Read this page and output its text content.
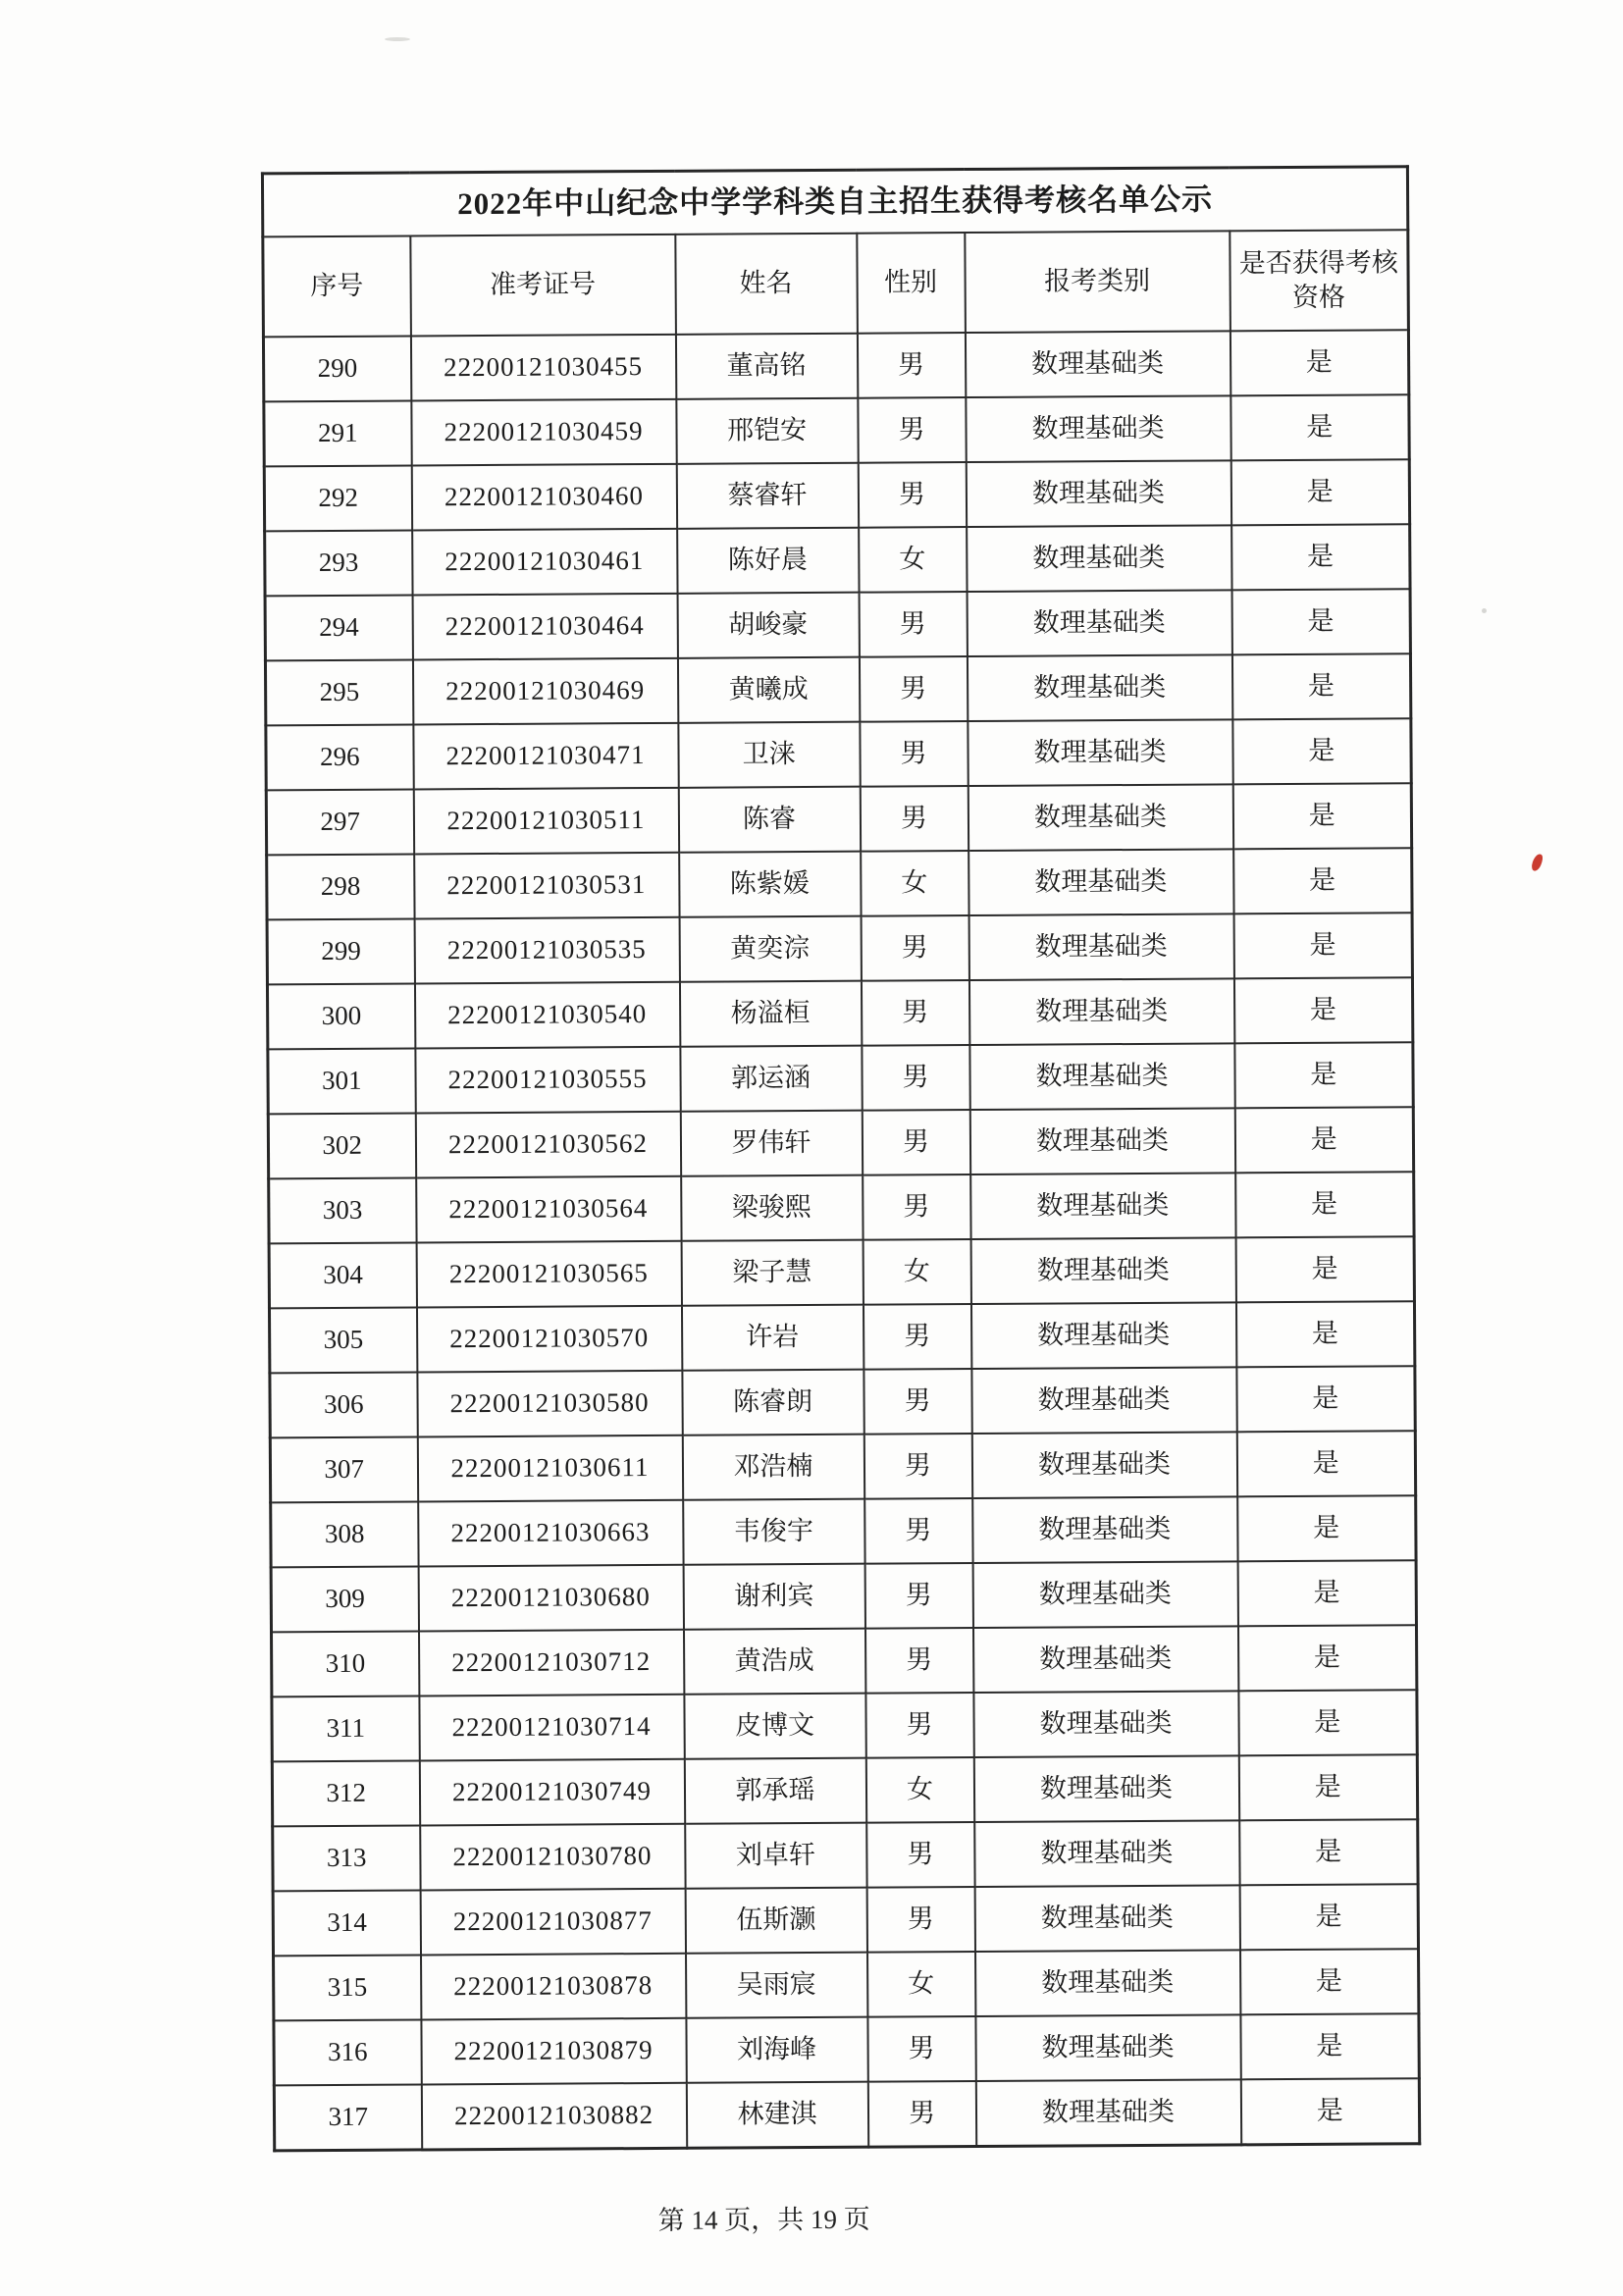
2022年中山纪念中学学科类自主招生获得考核名单公示					
序号	准考证号	姓名	性别	报考类别	是否获得考核资格
290	22200121030455	董高铭	男	数理基础类	是
291	22200121030459	邢铠安	男	数理基础类	是
292	22200121030460	蔡睿轩	男	数理基础类	是
293	22200121030461	陈好晨	女	数理基础类	是
294	22200121030464	胡峻豪	男	数理基础类	是
295	22200121030469	黄曦成	男	数理基础类	是
296	22200121030471	卫涞	男	数理基础类	是
297	22200121030511	陈睿	男	数理基础类	是
298	22200121030531	陈紫媛	女	数理基础类	是
299	22200121030535	黄奕淙	男	数理基础类	是
300	22200121030540	杨溢桓	男	数理基础类	是
301	22200121030555	郭运涵	男	数理基础类	是
302	22200121030562	罗伟轩	男	数理基础类	是
303	22200121030564	梁骏熙	男	数理基础类	是
304	22200121030565	梁子慧	女	数理基础类	是
305	22200121030570	许岩	男	数理基础类	是
306	22200121030580	陈睿朗	男	数理基础类	是
307	22200121030611	邓浩楠	男	数理基础类	是
308	22200121030663	韦俊宇	男	数理基础类	是
309	22200121030680	谢利宾	男	数理基础类	是
310	22200121030712	黄浩成	男	数理基础类	是
311	22200121030714	皮博文	男	数理基础类	是
312	22200121030749	郭承瑶	女	数理基础类	是
313	22200121030780	刘卓轩	男	数理基础类	是
314	22200121030877	伍斯灏	男	数理基础类	是
315	22200121030878	吴雨宸	女	数理基础类	是
316	22200121030879	刘海峰	男	数理基础类	是
317	22200121030882	林建淇	男	数理基础类	是
第 14 页，共 19 页
